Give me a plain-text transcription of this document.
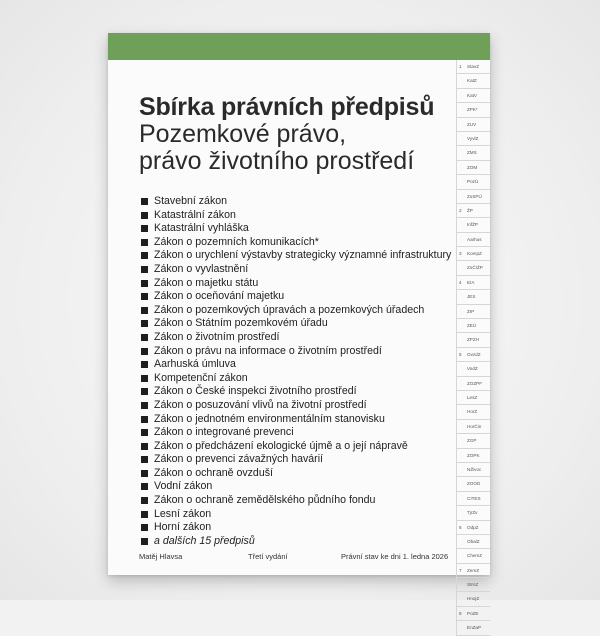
Sbírka právních předpisů
Pozemkové právo,
právo životního prostředí
Stavební zákon
Katastrální zákon
Katastrální vyhláška
Zákon o pozemních komunikacích*
Zákon o urychlení výstavby strategicky významné infrastruktury
Zákon o vyvlastnění
Zákon o majetku státu
Zákon o oceňování majetku
Zákon o pozemkových úpravách a pozemkových úřadech
Zákon o Státním pozemkovém úřadu
Zákon o životním prostředí
Zákon o právu na informace o životním prostředí
Aarhuská úmluva
Kompetenční zákon
Zákon o České inspekci životního prostředí
Zákon o posuzování vlivů na životní prostředí
Zákon o jednotném environmentálním stanovisku
Zákon o integrované prevenci
Zákon o předcházení ekologické újmě a o její nápravě
Zákon o prevenci závažných havárií
Zákon o ochraně ovzduší
Vodní zákon
Zákon o ochraně zemědělského půdního fondu
Lesní zákon
Horní zákon
a dalších 15 předpisů
Matěj Hlavsa	Třetí vydání	Právní stav ke dni 1. ledna 2026
1 StavZ
KatZ
KatV
ZPK*
ZUV
VyvlZ
ZMS
ZOM
PozÚ
ZoSPÚ
2 ŽP
InfŽP
Aarhus
3 KompZ
ZoČIŽP
4 EIA
JES
ZIP
ZEÚ
ZPZH
5 OvzdZ
VodZ
ZOZPF
LesZ
HorZ
HorČin
ZGP
ZOPK
NŽivoc
ZOOD
CITES
TjrZv
6 OdpZ
ObalZ
ChemZ
7 ZemZ
StrnZ
HnojZ
8 PoZE
EnZaP
